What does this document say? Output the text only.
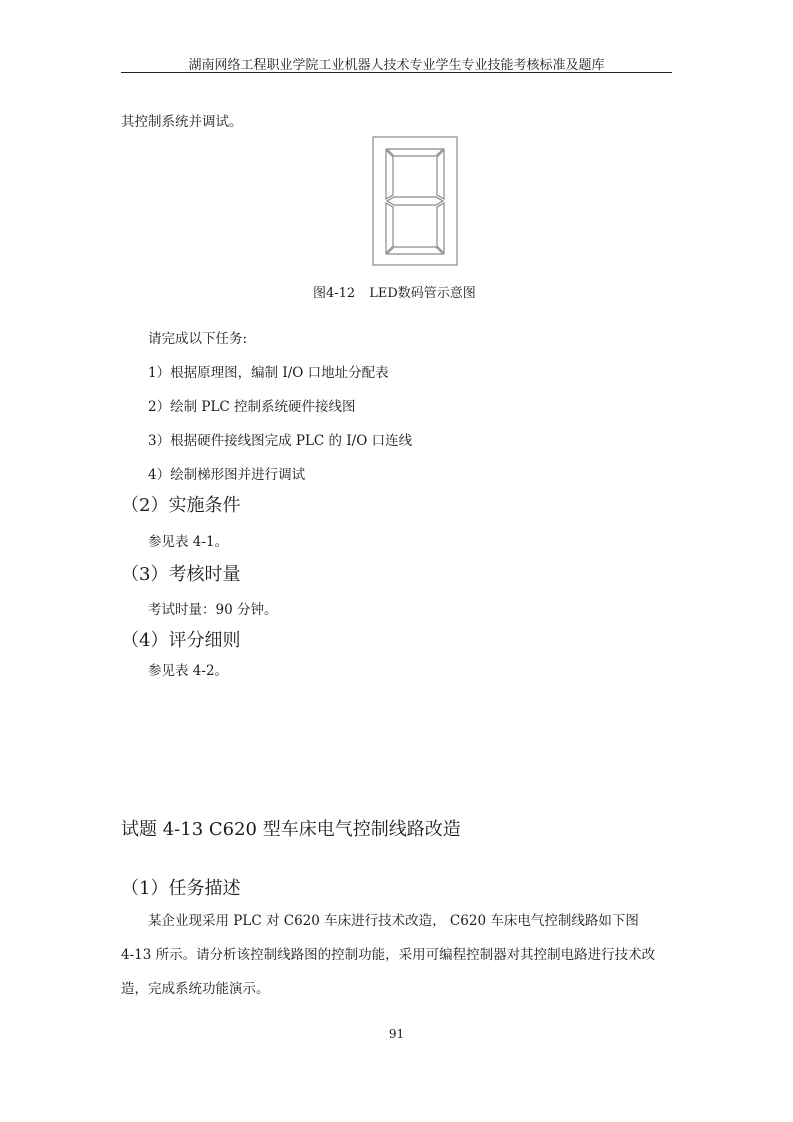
湖南网络工程职业学院工业机器人技术专业学生专业技能考核标准及题库
其控制系统并调试。
图4-12 LED数码管示意图
请完成以下任务:
1）根据原理图，编制 I/O 口地址分配表
2）绘制 PLC 控制系统硬件接线图
3）根据硬件接线图完成 PLC 的 I/O 口连线
4）绘制梯形图并进行调试
（2）实施条件
参见表 4-1。
（3）考核时量
考试时量：90 分钟。
（4）评分细则
参见表 4-2。
试题 4-13 C620 型车床电气控制线路改造
（1）任务描述
某企业现采用 PLC 对 C620 车床进行技术改造， C620 车床电气控制线路如下图
4-13 所示。请分析该控制线路图的控制功能，采用可编程控制器对其控制电路进行技术改
造，完成系统功能演示。
91
